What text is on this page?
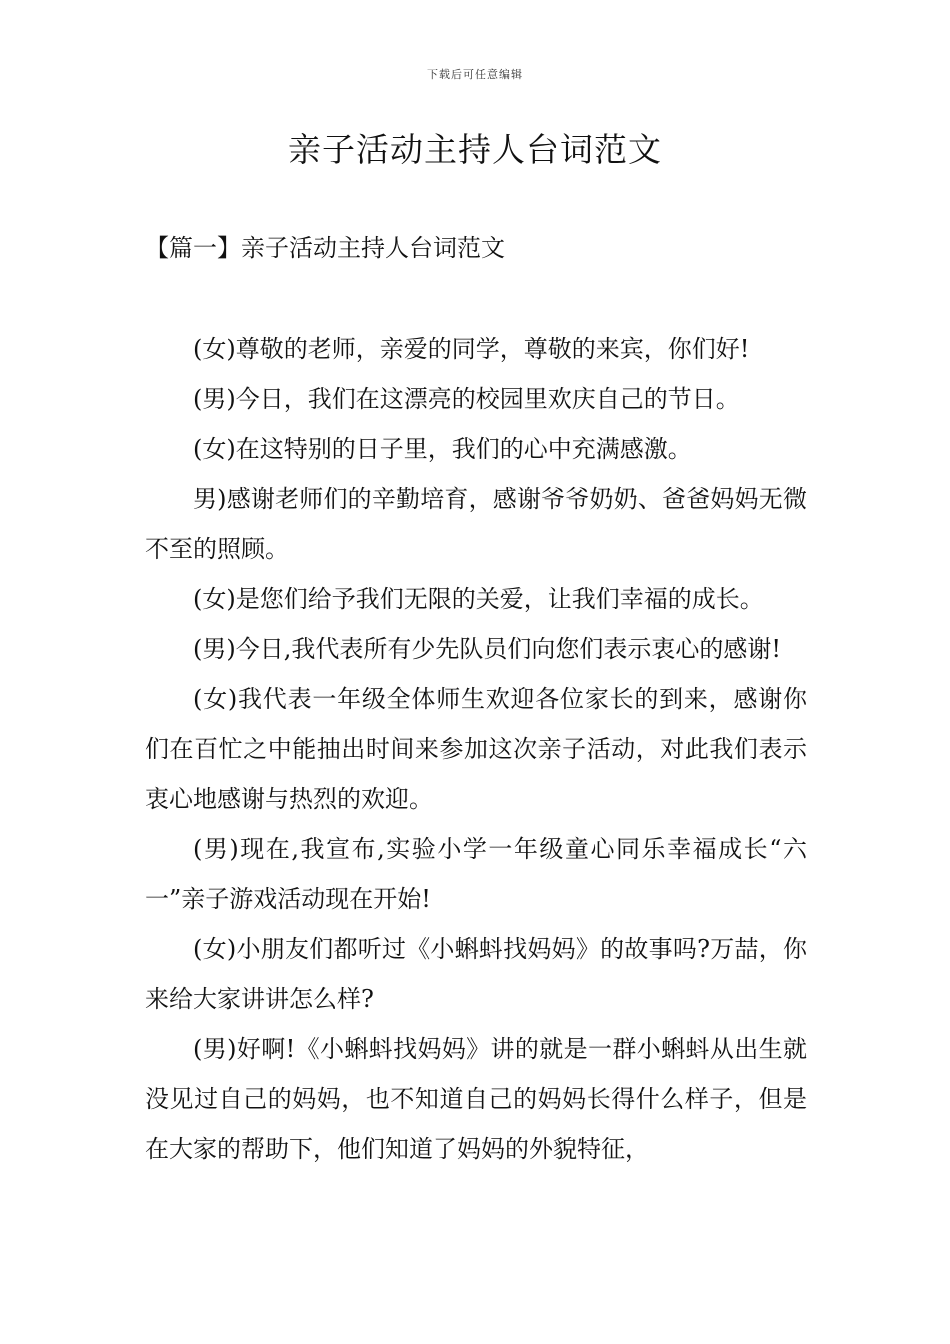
下载后可任意编辑
亲子活动主持人台词范文
【篇一】亲子活动主持人台词范文

(女)尊敬的老师，亲爱的同学，尊敬的来宾，你们好!

(男)今日，我们在这漂亮的校园里欢庆自己的节日。

(女)在这特别的日子里，我们的心中充满感激。

男)感谢老师们的辛勤培育，感谢爷爷奶奶、爸爸妈妈无微不至的照顾。

(女)是您们给予我们无限的关爱，让我们幸福的成长。

(男)今日,我代表所有少先队员们向您们表示衷心的感谢!

(女)我代表一年级全体师生欢迎各位家长的到来，感谢你们在百忙之中能抽出时间来参加这次亲子活动，对此我们表示衷心地感谢与热烈的欢迎。

(男)现在,我宣布,实验小学一年级童心同乐幸福成长“六一”亲子游戏活动现在开始!

(女)小朋友们都听过《小蝌蚪找妈妈》的故事吗?万喆，你来给大家讲讲怎么样?

(男)好啊!《小蝌蚪找妈妈》讲的就是一群小蝌蚪从出生就没见过自己的妈妈，也不知道自己的妈妈长得什么样子，但是在大家的帮助下，他们知道了妈妈的外貌特征，
